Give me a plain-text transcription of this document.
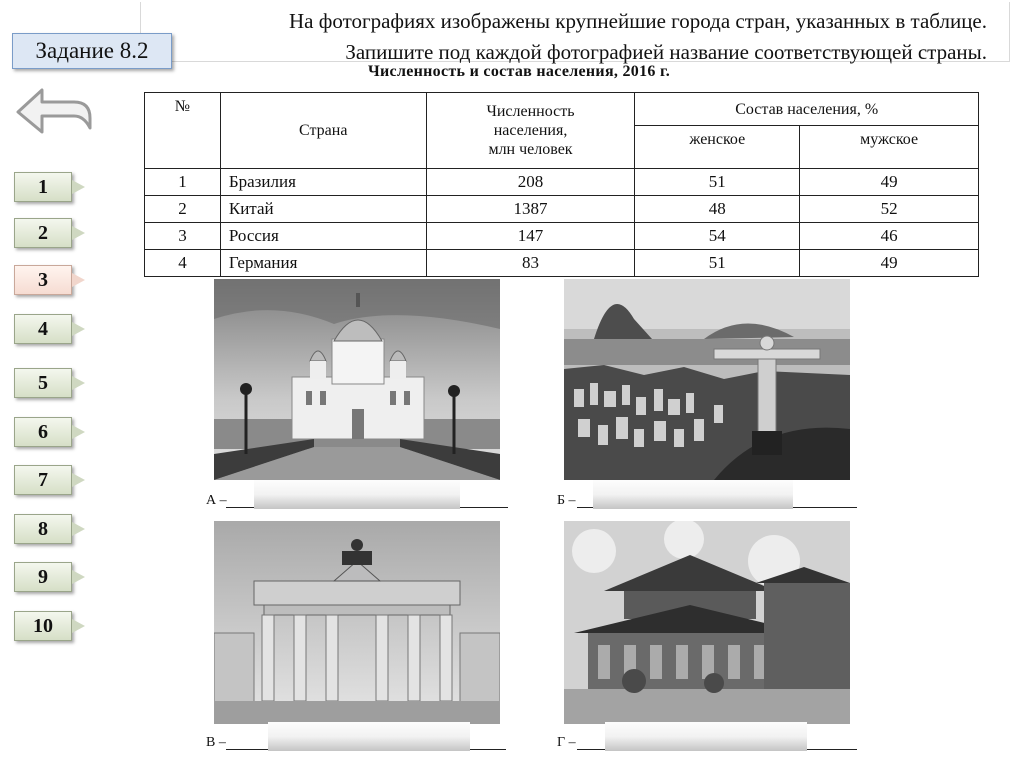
На фотографиях изображены крупнейшие города стран, указанных в таблице.
Запишите под каждой фотографией название соответствующей страны.
Задание 8.2
1
2
3
4
5
6
7
8
9
10
Численность и состав населения, 2016 г.
№	Страна	Численность
населения,
млн человек	Состав населения, %	
			женское	мужское
1	Бразилия	208	51	49
2	Китай	1387	48	52
3	Россия	147	54	46
4	Германия	83	51	49
А –	Б –
В –	Г –
